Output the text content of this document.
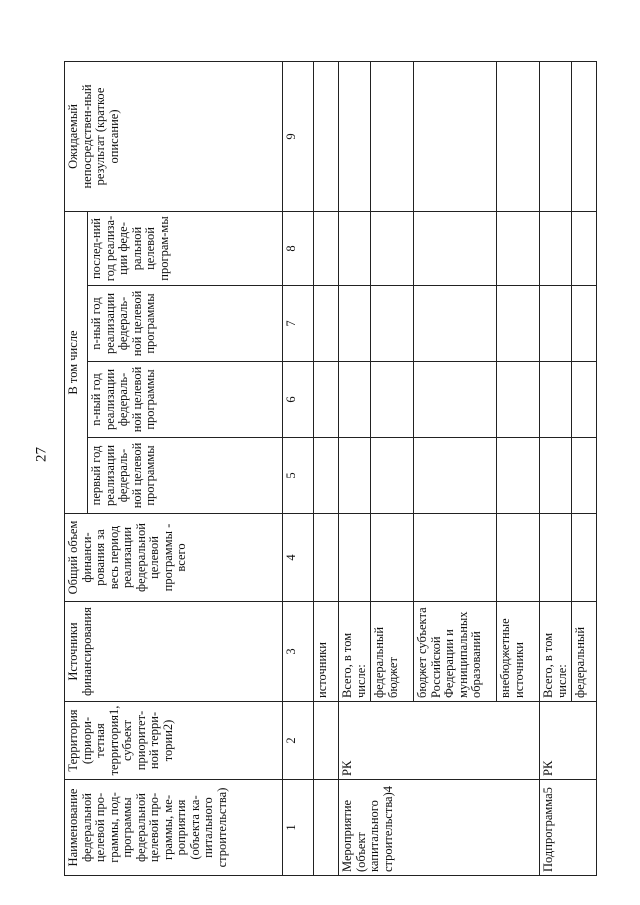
27
Наименование федеральной целевой про-граммы, под-программы федеральной целевой про-граммы, ме-роприятия (объекта ка-питального строительства)	Территория (приори-тетная территория1, субъект приоритет-ной терри-тории2)	Источники финансирования	Общий объем финанси-рования за весь период реализации федеральной целевой программы - всего	В том числе				Ожидаемый непосредствен-ный результат (краткое описание)
				первый год реализации федераль-ной целевой программы	n-ный год реализации федераль-ной целевой программы	n-ный год реализации федераль-ной целевой программы	послед-ний год реализа-ции феде-ральной целевой програм-мы	
1	2	3	4	5	6	7	8	9
		источники						
Мероприятие (объект капитального строительства)4	РК	Всего, в том числе:						
		федеральный бюджет						
		бюджет субъекта Российской Федерации и муниципальных образований						
		внебюджетные источники						
Подпрограмма5	РК	Всего, в том числе:						
		федеральный						
